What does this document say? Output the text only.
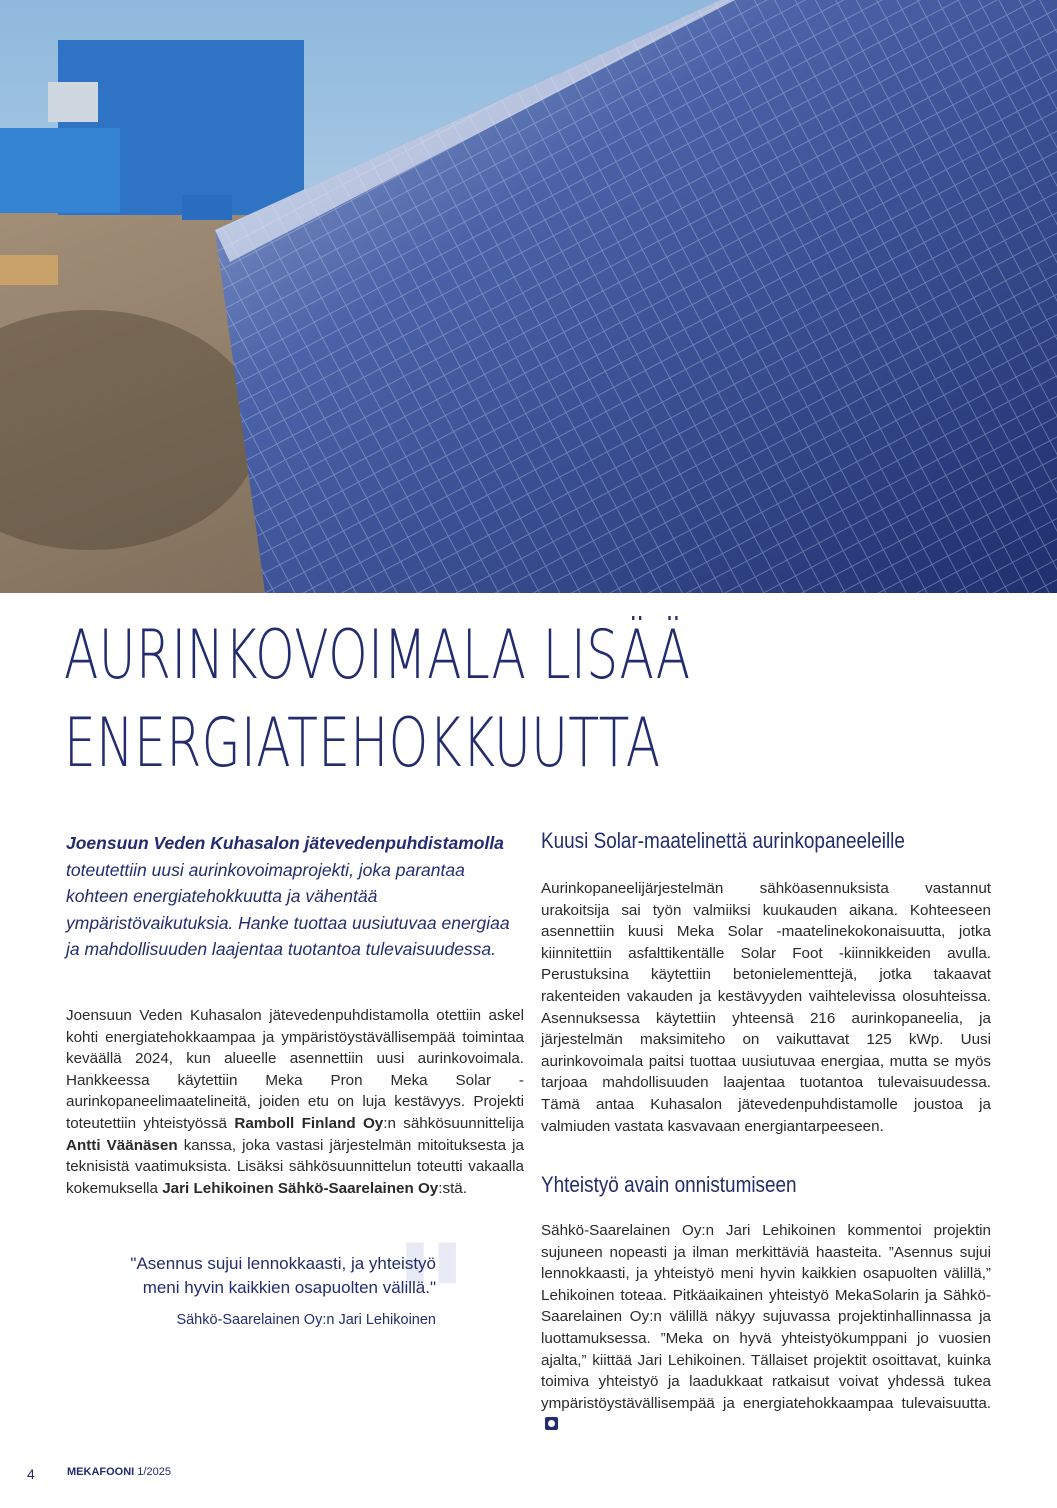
AURINKOVOIMALA LISÄÄ
ENERGIATEHOKKUUTTA

Joensuun Veden Kuhasalon jätevedenpuhdistamolla toteutettiin uusi aurinkovoimaprojekti, joka parantaa kohteen energiatehokkuutta ja vähentää ympäristövaikutuksia. Hanke tuottaa uusiutuvaa energiaa ja mahdollisuuden laajentaa tuotantoa tulevaisuudessa.

Joensuun Veden Kuhasalon jätevedenpuhdistamolla otettiin askel kohti energiatehokkaampaa ja ympäristöystävällisempää toimintaa keväällä 2024, kun alueelle asennettiin uusi aurinkovoimala. Hankkeessa käytettiin Meka Pron Meka Solar -aurinkopaneelimaatelineitä, joiden etu on luja kestävyys. Projekti toteutettiin yhteistyössä Ramboll Finland Oy:n sähkösuunnittelija Antti Väänäsen kanssa, joka vastasi järjestelmän mitoituksesta ja teknisistä vaatimuksista. Lisäksi sähkösuunnittelun toteutti vakaalla kokemuksella Jari Lehikoinen Sähkö-Saarelainen Oy:stä.

"

"Asennus sujui lennokkaasti, ja yhteistyö meni hyvin kaikkien osapuolten välillä."

Sähkö-Saarelainen Oy:n Jari Lehikoinen

Kuusi Solar-maatelinettä aurinkopaneeleille

Aurinkopaneelijärjestelmän sähköasennuksista vastannut urakoitsija sai työn valmiiksi kuukauden aikana. Kohteeseen asennettiin kuusi Meka Solar -maatelinekokonaisuutta, jotka kiinnitettiin asfalttikentälle Solar Foot -kiinnikkeiden avulla. Perustuksina käytettiin betonielementtejä, jotka takaavat rakenteiden vakauden ja kestävyyden vaihtelevissa olosuhteissa. Asennuksessa käytettiin yhteensä 216 aurinkopaneelia, ja järjestelmän maksimiteho on vaikuttavat 125 kWp. Uusi aurinkovoimala paitsi tuottaa uusiutuvaa energiaa, mutta se myös tarjoaa mahdollisuuden laajentaa tuotantoa tulevaisuudessa. Tämä antaa Kuhasalon jätevedenpuhdistamolle joustoa ja valmiuden vastata kasvavaan energiantarpeeseen.

Yhteistyö avain onnistumiseen

Sähkö-Saarelainen Oy:n Jari Lehikoinen kommentoi projektin sujuneen nopeasti ja ilman merkittäviä haasteita. ”Asennus sujui lennokkaasti, ja yhteistyö meni hyvin kaikkien osapuolten välillä,” Lehikoinen toteaa. Pitkäaikainen yhteistyö MekaSolarin ja Sähkö-Saarelainen Oy:n välillä näkyy sujuvassa projektinhallinnassa ja luottamuksessa. ”Meka on hyvä yhteistyökumppani jo vuosien ajalta,” kiittää Jari Lehikoinen. Tällaiset projektit osoittavat, kuinka toimiva yhteistyö ja laadukkaat ratkaisut voivat yhdessä tukea ympäristöystävällisempää ja energiatehokkaampaa tulevaisuutta.

4	MEKAFOONI 1/2025
